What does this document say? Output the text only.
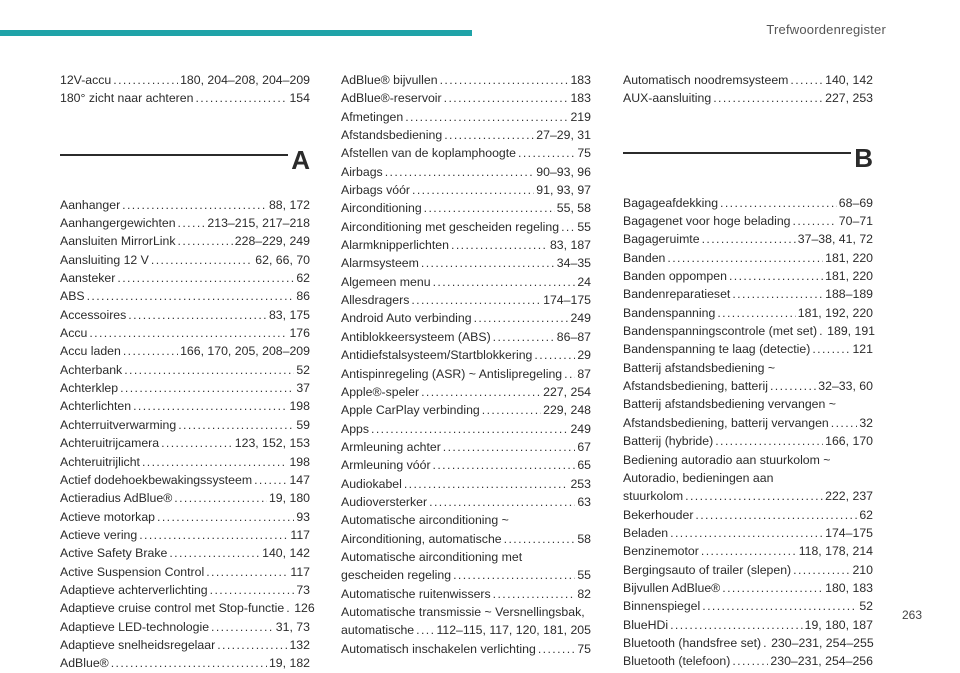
Trefwoordenregister
12V-accu .....	180, 204–208, 204–209
180° zicht naar achteren .....	154
A
Aanhanger .....	88, 172
Aanhangergewichten .....	213–215, 217–218
Aansluiten MirrorLink .....	228–229, 249
Aansluiting 12 V .....	62, 66, 70
Aansteker .....	62
ABS .....	86
Accessoires .....	83, 175
Accu .....	176
Accu laden .....	166, 170, 205, 208–209
Achterbank .....	52
Achterklep .....	37
Achterlichten .....	198
Achterruitverwarming .....	59
Achteruitrijcamera .....	123, 152, 153
Achteruitrijlicht .....	198
Actief dodehoekbewakingssysteem .....	147
Actieradius AdBlue® .....	19, 180
Actieve motorkap .....	93
Actieve vering .....	117
Active Safety Brake .....	140, 142
Active Suspension Control .....	117
Adaptieve achterverlichting .....	73
Adaptieve cruise control met Stop-functie ..... 126
Adaptieve LED-technologie .....	31, 73
Adaptieve snelheidsregelaar .....	132
AdBlue® .....	19, 182
AdBlue® bijvullen .....	183
AdBlue®-reservoir .....	183
Afmetingen .....	219
Afstandsbediening .....	27–29, 31
Afstellen van de koplamphoogte .....	75
Airbags .....	90–93, 96
Airbags vóór .....	91, 93, 97
Airconditioning .....	55, 58
Airconditioning met gescheiden regeling ..... 55
Alarmknipperlichten .....	83, 187
Alarmsysteem .....	34–35
Algemeen menu .....	24
Allesdragers .....	174–175
Android Auto verbinding .....	249
Antiblokkeersysteem (ABS) .....	86–87
Antidiefstalsysteem/Startblokkering .....	29
Antispinregeling (ASR) ~ Antislipregeling ..... 87
Apple®-speler .....	227, 254
Apple CarPlay verbinding .....	229, 248
Apps .....	249
Armleuning achter .....	67
Armleuning vóór .....	65
Audiokabel .....	253
Audioversterker .....	63
Automatische airconditioning ~
Airconditioning, automatische .....	58
Automatische airconditioning met
gescheiden regeling .....	55
Automatische ruitenwissers .....	82
Automatische transmissie ~ Versnellingsbak,
automatische ..... 112–115, 117, 120, 181, 205
Automatisch inschakelen verlichting .....	75
Automatisch noodremsysteem .....	140, 142
AUX-aansluiting .....	227, 253
B
Bagageafdekking .....	68–69
Bagagenet voor hoge belading .....	70–71
Bagageruimte .....	37–38, 41, 72
Banden .....	181, 220
Banden oppompen .....	181, 220
Bandenreparatieset .....	188–189
Bandenspanning .....	181, 192, 220
Bandenspanningscontrole (met set) ..... 189, 191
Bandenspanning te laag (detectie) .....	121
Batterij afstandsbediening ~
Afstandsbediening, batterij .....	32–33, 60
Batterij afstandsbediening vervangen ~
Afstandsbediening, batterij vervangen ..... 32
Batterij (hybride) .....	166, 170
Bediening autoradio aan stuurkolom ~
Autoradio, bedieningen aan
stuurkolom .....	222, 237
Bekerhouder .....	62
Beladen .....	174–175
Benzinemotor .....	118, 178, 214
Bergingsauto of trailer (slepen) .....	210
Bijvullen AdBlue® .....	180, 183
Binnenspiegel .....	52
BlueHDi .....	19, 180, 187
Bluetooth (handsfree set) ..... 230–231, 254–255
Bluetooth (telefoon) .....	230–231, 254–256
263
